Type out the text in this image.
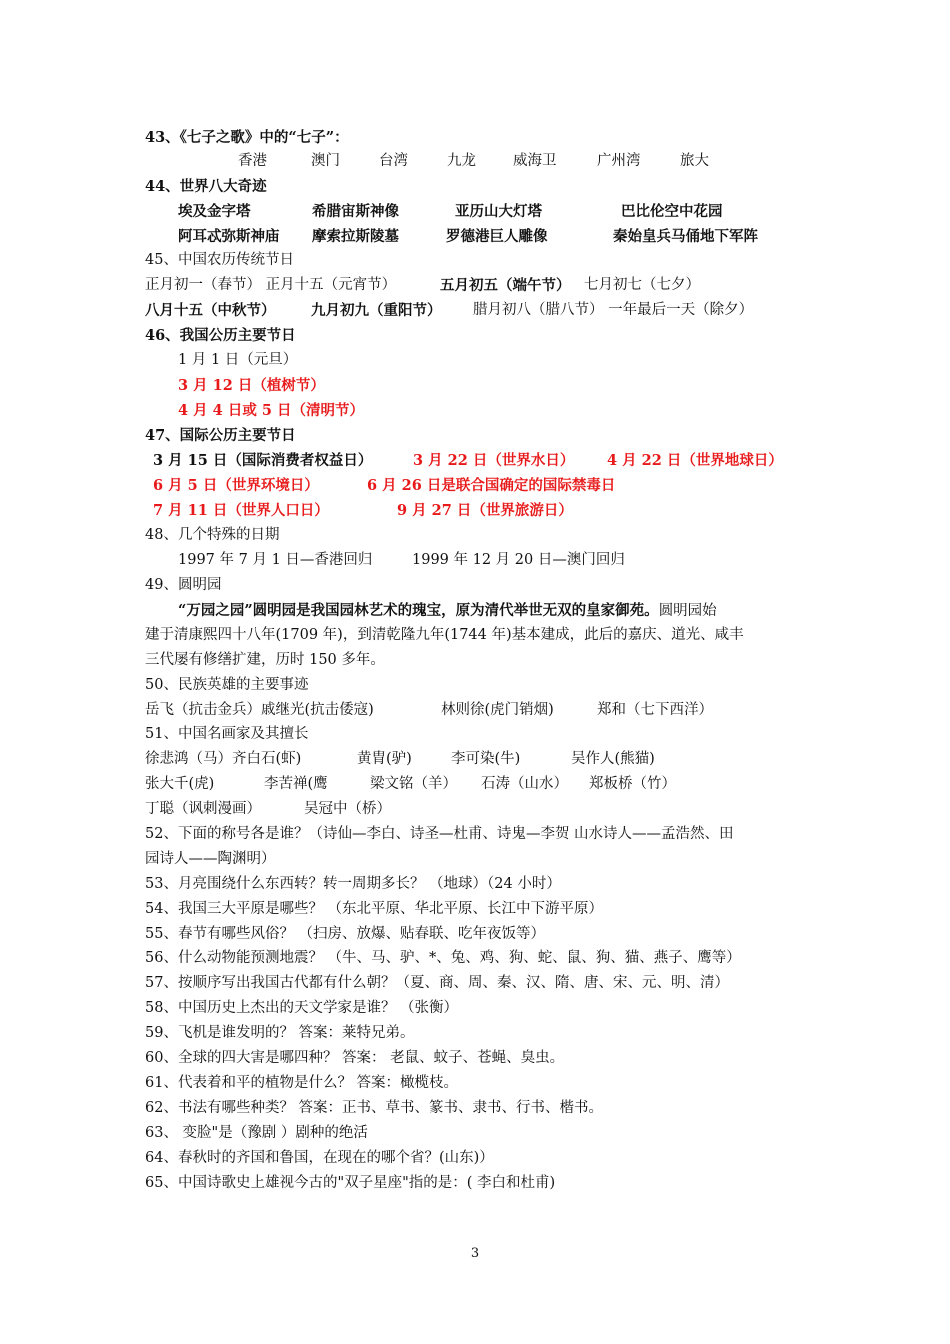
43、《七子之歌》中的“七子”：
香港	澳门	台湾	九龙	威海卫	广州湾	旅大
44、世界八大奇迹
埃及金字塔	希腊宙斯神像	亚历山大灯塔	巴比伦空中花园
阿耳忒弥斯神庙 摩索拉斯陵墓	罗德港巨人雕像	秦始皇兵马俑地下军阵
45、中国农历传统节日
正月初一（春节） 正月十五（元宵节）	五月初五（端午节） 七月初七（七夕）
八月十五（中秋节） 九月初九（重阳节） 腊月初八（腊八节） 一年最后一天（除夕）
46、我国公历主要节日
1 月 1 日（元旦）
3 月 12 日（植树节）
4 月 4 日或 5 日（清明节）
47、国际公历主要节日
3 月 15 日（国际消费者权益日）	3 月 22 日（世界水日） 4 月 22 日（世界地球日）
6 月 5 日（世界环境日）	6 月 26 日是联合国确定的国际禁毒日
7 月 11 日（世界人口日）	9 月 27 日（世界旅游日）
48、几个特殊的日期
1997 年 7 月 1 日—香港回归	1999 年 12 月 20 日—澳门回归
49、圆明园
“万园之园”圆明园是我国园林艺术的瑰宝，原为清代举世无双的皇家御苑。圆明园始
建于清康熙四十八年(1709 年)，到清乾隆九年(1744 年)基本建成，此后的嘉庆、道光、咸丰
三代屡有修缮扩建，历时 150 多年。
50、民族英雄的主要事迹
岳飞（抗击金兵）戚继光(抗击倭寇)	林则徐(虎门销烟)	郑和（七下西洋）
51、中国名画家及其擅长
徐悲鸿（马）齐白石(虾)	黄胄(驴)	李可染(牛)	吴作人(熊猫)
张大千(虎)	李苦禅(鹰	梁文铭（羊） 石涛（山水） 郑板桥（竹）
丁聪（讽刺漫画）	吴冠中（桥）
52、下面的称号各是谁？（诗仙—李白、诗圣—杜甫、诗鬼—李贺 山水诗人——孟浩然、田
园诗人——陶渊明）
53、月亮围绕什么东西转？转一周期多长？ （地球）（24 小时）
54、我国三大平原是哪些？ （东北平原、华北平原、长江中下游平原）
55、春节有哪些风俗？ （扫房、放爆、贴春联、吃年夜饭等）
56、什么动物能预测地震？ （牛、马、驴、*、兔、鸡、狗、蛇、鼠、狗、猫、燕子、鹰等）
57、按顺序写出我国古代都有什么朝？（夏、商、周、秦、汉、隋、唐、宋、元、明、清）
58、中国历史上杰出的天文学家是谁？ （张衡）
59、飞机是谁发明的？ 答案：莱特兄弟。
60、全球的四大害是哪四种？ 答案： 老鼠、蚊子、苍蝇、臭虫。
61、代表着和平的植物是什么？ 答案：橄榄枝。
62、书法有哪些种类？ 答案：正书、草书、篆书、隶书、行书、楷书。
63、 变脸"是（豫剧 ）剧种的绝活
64、春秋时的齐国和鲁国，在现在的哪个省？(山东)）
65、中国诗歌史上雄视今古的"双子星座"指的是：( 李白和杜甫)
3
